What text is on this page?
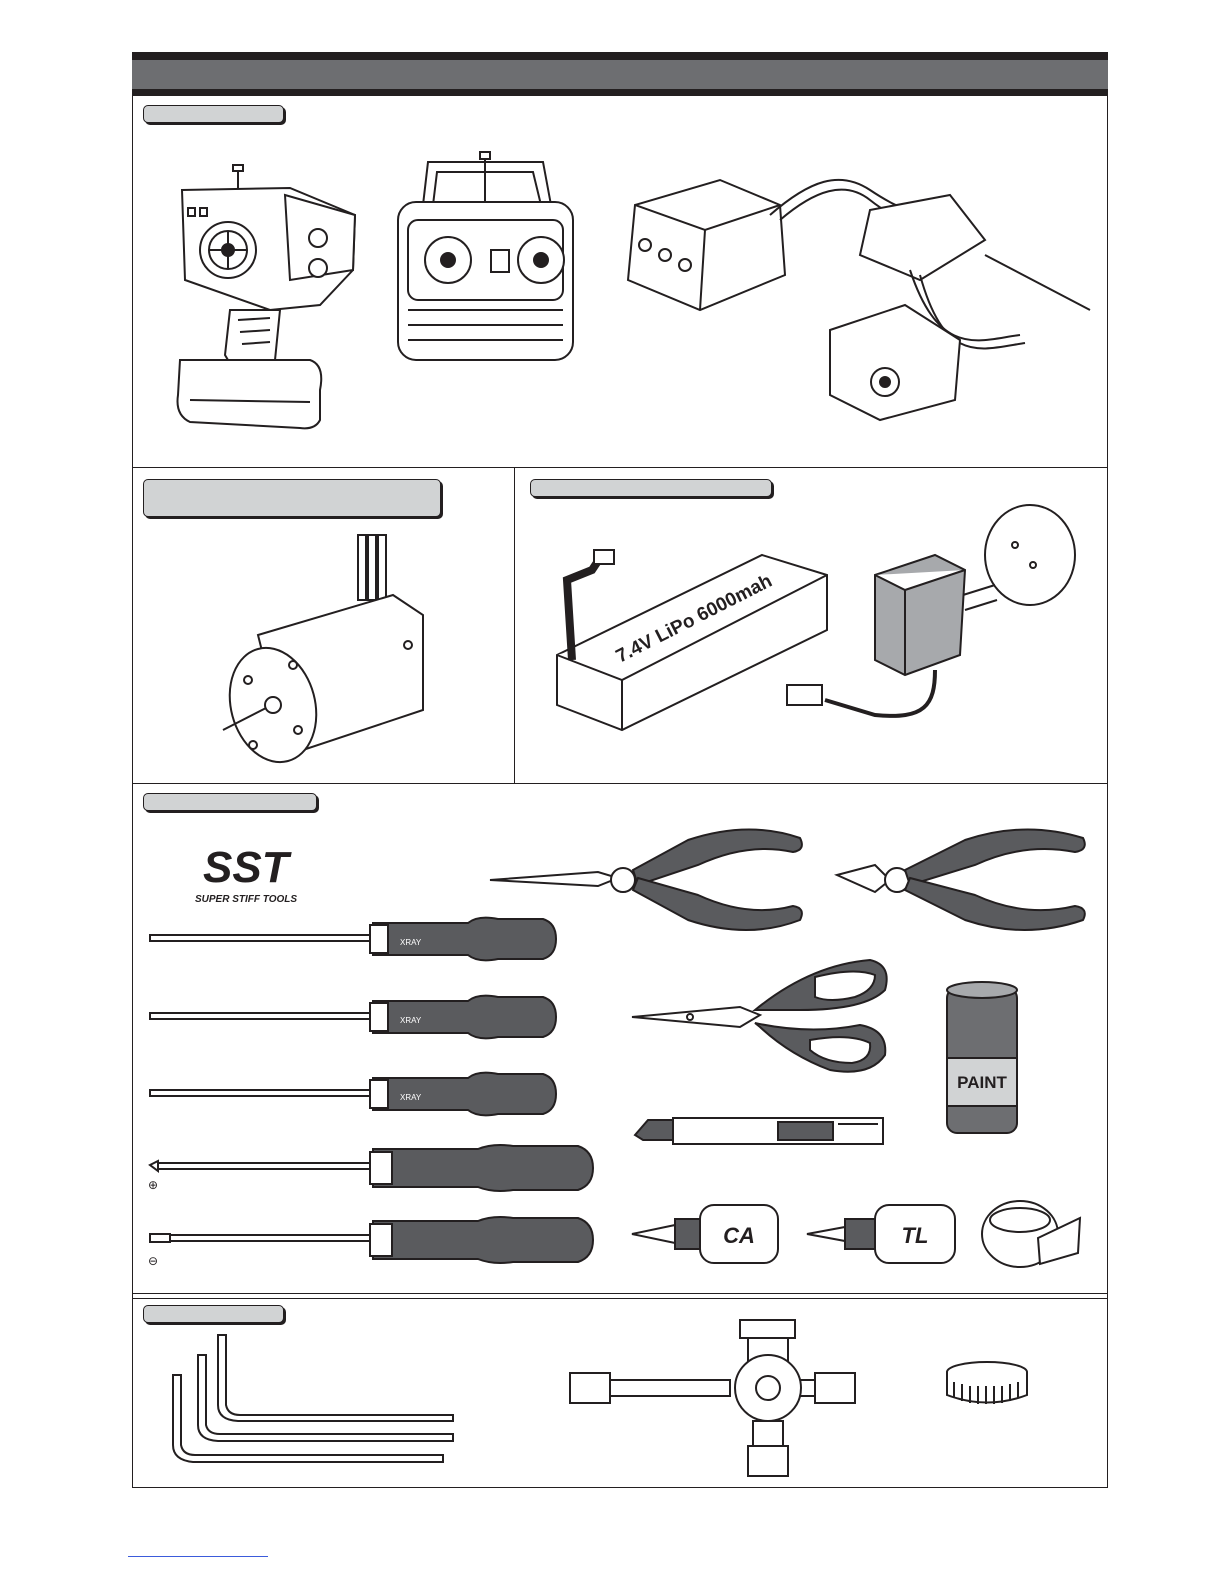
7.4V LiPo 6000mah
SST
SUPER STIFF TOOLS
XRAY
XRAY
XRAY
⊕
⊖
PAINT
CA	TL
